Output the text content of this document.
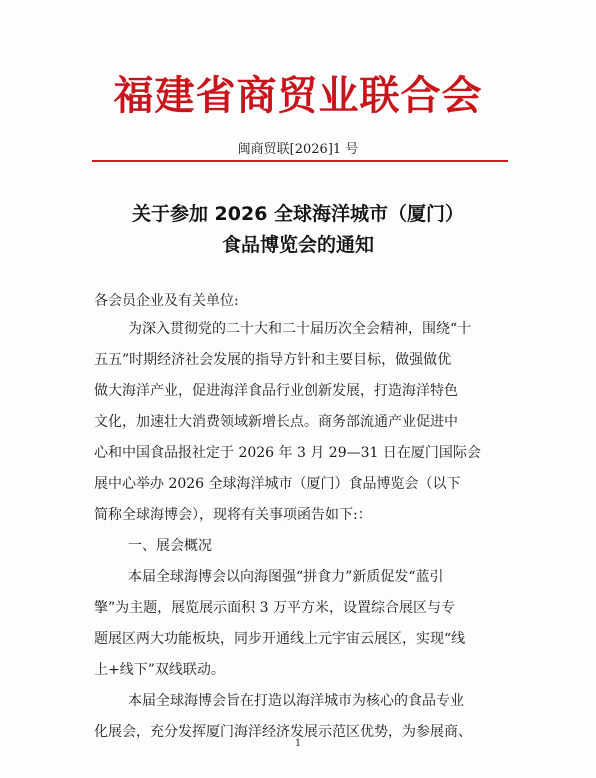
福建省商贸业联合会
闽商贸联[2026]1 号
关于参加 2026 全球海洋城市（厦门）
食品博览会的通知
各会员企业及有关单位:
为深入贯彻党的二十大和二十届历次全会精神，围绕“十
五五”时期经济社会发展的指导方针和主要目标，做强做优
做大海洋产业，促进海洋食品行业创新发展，打造海洋特色
文化，加速壮大消费领域新增长点。商务部流通产业促进中
心和中国食品报社定于 2026 年 3 月 29—31 日在厦门国际会
展中心举办 2026 全球海洋城市（厦门）食品博览会（以下
简称全球海博会），现将有关事项函告如下:：
一、展会概况
本届全球海博会以向海图强“拼食力”新质促发“蓝引
擎”为主题，展览展示面积 3 万平方米，设置综合展区与专
题展区两大功能板块，同步开通线上元宇宙云展区，实现“线
上+线下”双线联动。
本届全球海博会旨在打造以海洋城市为核心的食品专业
化展会，充分发挥厦门海洋经济发展示范区优势，为参展商、
1
